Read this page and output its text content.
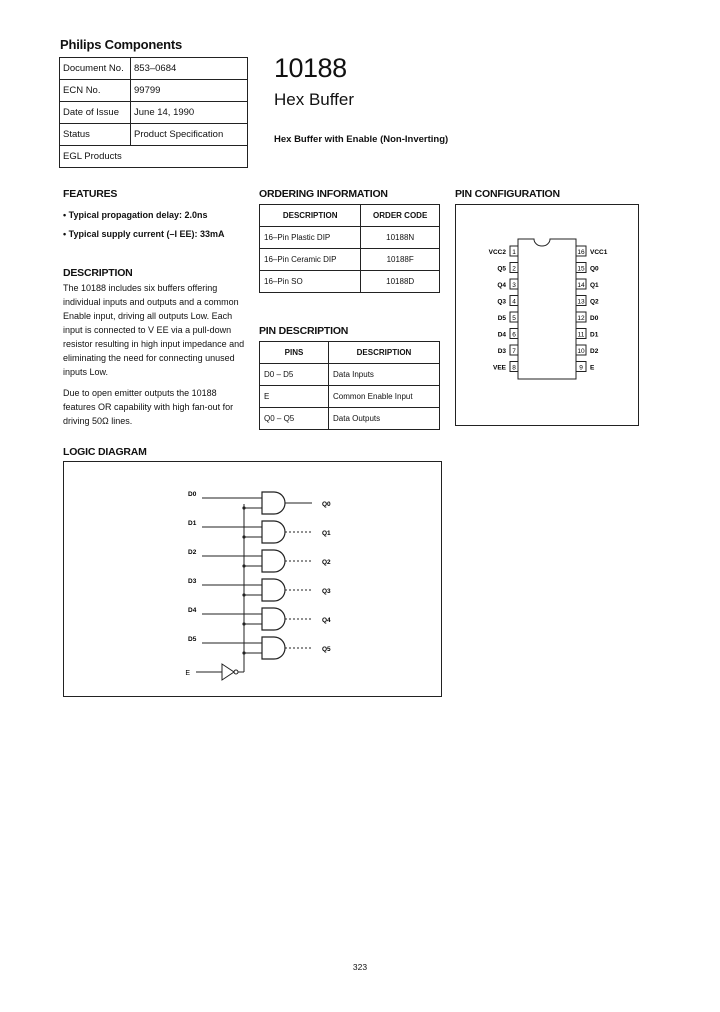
Philips Components
Document No.	853–0684
ECN No.	99799
Date of Issue	June 14, 1990
Status	Product Specification
EGL Products	
10188
Hex Buffer
Hex Buffer with Enable (Non-Inverting)
FEATURES
• Typical propagation delay: 2.0ns
• Typical supply current (–I EE): 33mA
DESCRIPTION

The 10188 includes six buffers offering individual inputs and outputs and a common Enable input, driving all outputs Low. Each input is connected to V EE via a pull-down resistor resulting in high input impedance and eliminating the need for connecting unused inputs Low.

Due to open emitter outputs the 10188 features OR capability with high fan-out for driving 50Ω lines.

ORDERING INFORMATION
DESCRIPTION	ORDER CODE
16–Pin Plastic DIP	10188N
16–Pin Ceramic DIP	10188F
16–Pin SO	10188D
PIN DESCRIPTION
PINS	DESCRIPTION
D0 – D5	Data Inputs
E	Common Enable Input
Q0 – Q5	Data Outputs
PIN CONFIGURATION
1
VCC2
2
Q5
3
Q4
4
Q3
5
D5
6
D4
7
D3
8
VEE
16 VCC1
15 Q0
14 Q1
13 Q2
12 D0
11 D1
10 D2
9 E
LOGIC DIAGRAM
D0
Q0
D1
Q1
D2
Q2
D3
Q3
D4
Q4
D5
Q5
E
323
